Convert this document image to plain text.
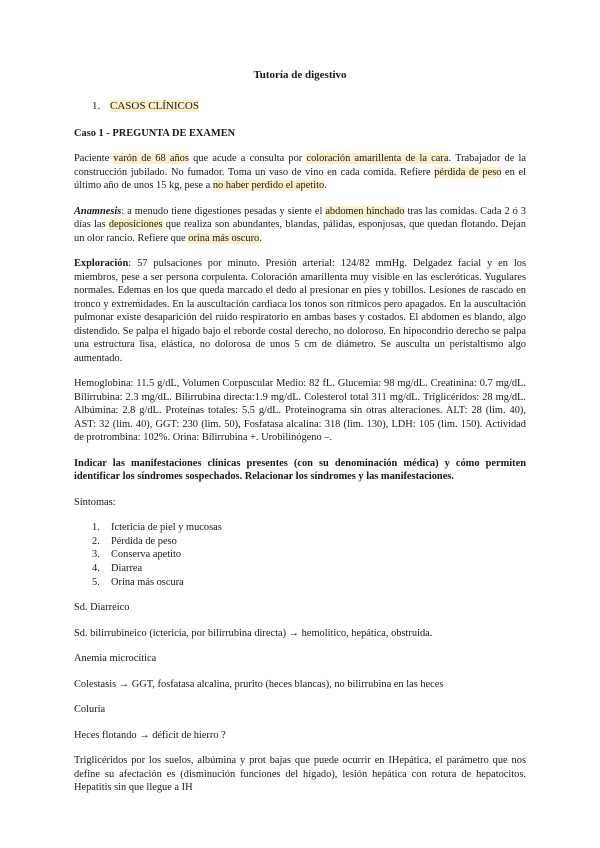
Tutoría de digestivo
1. CASOS CLÍNICOS
Caso 1 - PREGUNTA DE EXAMEN

Paciente varón de 68 años que acude a consulta por coloración amarillenta de la cara. Trabajador de la construcción jubilado. No fumador. Toma un vaso de vino en cada comida. Refiere pérdida de peso en el último año de unos 15 kg, pese a no haber perdido el apetito.

Anamnesis: a menudo tiene digestiones pesadas y siente el abdomen hinchado tras las comidas. Cada 2 ó 3 días las deposiciones que realiza son abundantes, blandas, pálidas, esponjosas, que quedan flotando. Dejan un olor rancio. Refiere que orina más oscuro.

Exploración: 57 pulsaciones por minuto. Presión arterial: 124/82 mmHg. Delgadez facial y en los miembros, pese a ser persona corpulenta. Coloración amarillenta muy visible en las escleróticas. Yugulares normales. Edemas en los que queda marcado el dedo al presionar en pies y tobillos. Lesiones de rascado en tronco y extremidades. En la auscultación cardiaca los tonos son rítmicos pero apagados. En la auscultación pulmonar existe desaparición del ruido respiratorio en ambas bases y costados. El abdomen es blando, algo distendido. Se palpa el hígado bajo el reborde costal derecho, no doloroso. En hipocondrio derecho se palpa una estructura lisa, elástica, no dolorosa de unos 5 cm de diámetro. Se ausculta un peristaltismo algo aumentado.

Hemoglobina: 11.5 g/dL, Volumen Corpuscular Medio: 82 fL. Glucemia: 98 mg/dL. Creatinina: 0.7 mg/dL. Bilirrubina: 2.3 mg/dL. Bilirrubina directa:1.9 mg/dL. Colesterol total 311 mg/dL. Triglicéridos: 28 mg/dL. Albúmina: 2.8 g/dL. Proteínas totales: 5.5 g/dL. Proteinograma sin otras alteraciones. ALT: 28 (lim. 40), AST: 32 (lim. 40), GGT: 230 (lim. 50), Fosfatasa alcalina: 318 (lim. 130), LDH: 105 (lim. 150). Actividad de protrombina: 102%. Orina: Bilirrubina +. Urobilinógeno –.

Indicar las manifestaciones clínicas presentes (con su denominación médica) y cómo permiten identificar los síndromes sospechados. Relacionar los síndromes y las manifestaciones.
Síntomas:
1. Ictericia de piel y mucosas
2. Pérdida de peso
3. Conserva apetito
4. Diarrea
5. Orina más oscura
Sd. Diarreico
Sd. bilirrubineico (ictericia, por bilirrubina directa) → hemolítico, hepática, obstruida.
Anemia microcítica
Colestasis → GGT, fosfatasa alcalina, prurito (heces blancas), no bilirrubina en las heces
Coluria
Heces flotando → déficit de hierro ?

Triglicéridos por los suelos, albúmina y prot bajas que puede ocurrir en IHepática, el parámetro que nos define su afectación es (disminución funciones del hígado), lesión hepática con rotura de hepatocitos. Hepatitis sin que llegue a IH
